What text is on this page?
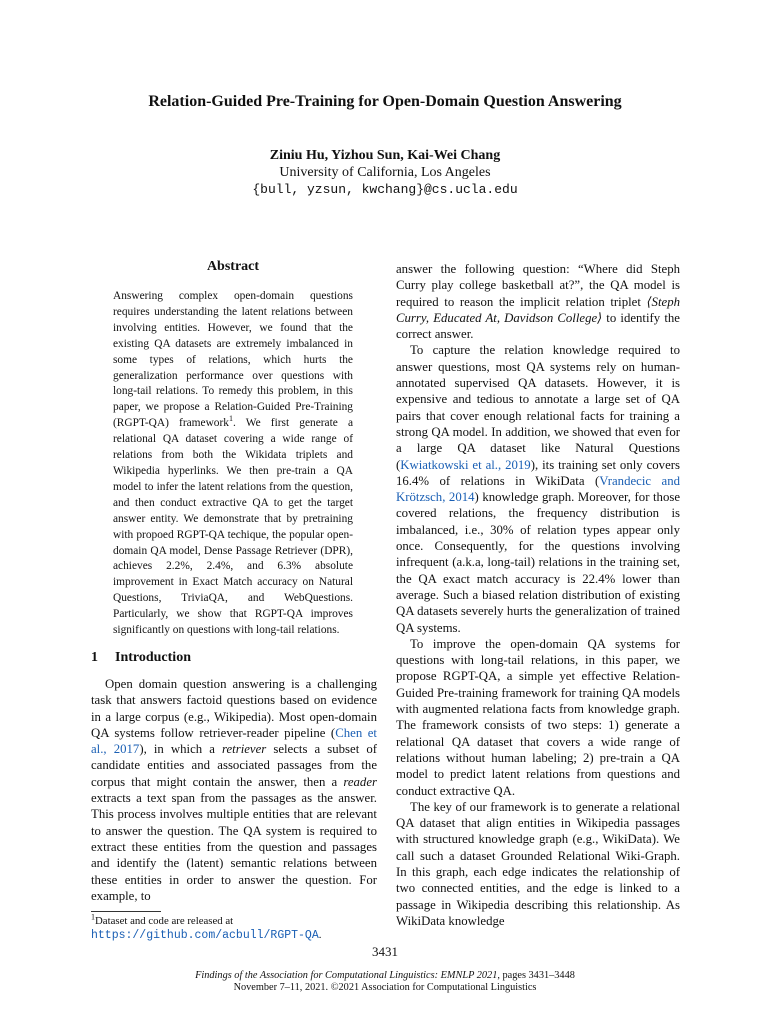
Relation-Guided Pre-Training for Open-Domain Question Answering
Ziniu Hu, Yizhou Sun, Kai-Wei Chang
University of California, Los Angeles
{bull, yzsun, kwchang}@cs.ucla.edu
Abstract
Answering complex open-domain questions requires understanding the latent relations between involving entities. However, we found that the existing QA datasets are extremely imbalanced in some types of relations, which hurts the generalization performance over questions with long-tail relations. To remedy this problem, in this paper, we propose a Relation-Guided Pre-Training (RGPT-QA) framework$^1$. We first generate a relational QA dataset covering a wide range of relations from both the Wikidata triplets and Wikipedia hyperlinks. We then pre-train a QA model to infer the latent relations from the question, and then conduct extractive QA to get the target answer entity. We demonstrate that by pretraining with propoed RGPT-QA techique, the popular open-domain QA model, Dense Passage Retriever (DPR), achieves 2.2%, 2.4%, and 6.3% absolute improvement in Exact Match accuracy on Natural Questions, TriviaQA, and WebQuestions. Particularly, we show that RGPT-QA improves significantly on questions with long-tail relations.
1 Introduction

Open domain question answering is a challenging task that answers factoid questions based on evidence in a large corpus (e.g., Wikipedia). Most open-domain QA systems follow retriever-reader pipeline (Chen et al., 2017), in which a retriever selects a subset of candidate entities and associated passages from the corpus that might contain the answer, then a reader extracts a text span from the passages as the answer. This process involves multiple entities that are relevant to answer the question. The QA system is required to extract these entities from the question and passages and identify the (latent) semantic relations between these entities in order to answer the question. For example, to

answer the following question: “Where did Steph Curry play college basketball at?”, the QA model is required to reason the implicit relation triplet ⟨Steph Curry, Educated At, Davidson College⟩ to identify the correct answer.

To capture the relation knowledge required to answer questions, most QA systems rely on human-annotated supervised QA datasets. However, it is expensive and tedious to annotate a large set of QA pairs that cover enough relational facts for training a strong QA model. In addition, we showed that even for a large QA dataset like Natural Questions (Kwiatkowski et al., 2019), its training set only covers 16.4% of relations in WikiData (Vrandecic and Krötzsch, 2014) knowledge graph. Moreover, for those covered relations, the frequency distribution is imbalanced, i.e., 30% of relation types appear only once. Consequently, for the questions involving infrequent (a.k.a, long-tail) relations in the training set, the QA exact match accuracy is 22.4% lower than average. Such a biased relation distribution of existing QA datasets severely hurts the generalization of trained QA systems.

To improve the open-domain QA systems for questions with long-tail relations, in this paper, we propose RGPT-QA, a simple yet effective Relation-Guided Pre-training framework for training QA models with augmented relationa facts from knowledge graph. The framework consists of two steps: 1) generate a relational QA dataset that covers a wide range of relations without human labeling; 2) pre-train a QA model to predict latent relations from questions and conduct extractive QA.

The key of our framework is to generate a relational QA dataset that align entities in Wikipedia passages with structured knowledge graph (e.g., WikiData). We call such a dataset Grounded Relational Wiki-Graph. In this graph, each edge indicates the relationship of two connected entities, and the edge is linked to a passage in Wikipedia describing this relationship. As WikiData knowledge

$^1$Dataset and code are released at https://github.com/acbull/RGPT-QA.
3431
Findings of the Association for Computational Linguistics: EMNLP 2021, pages 3431–3448
November 7–11, 2021. ©2021 Association for Computational Linguistics
